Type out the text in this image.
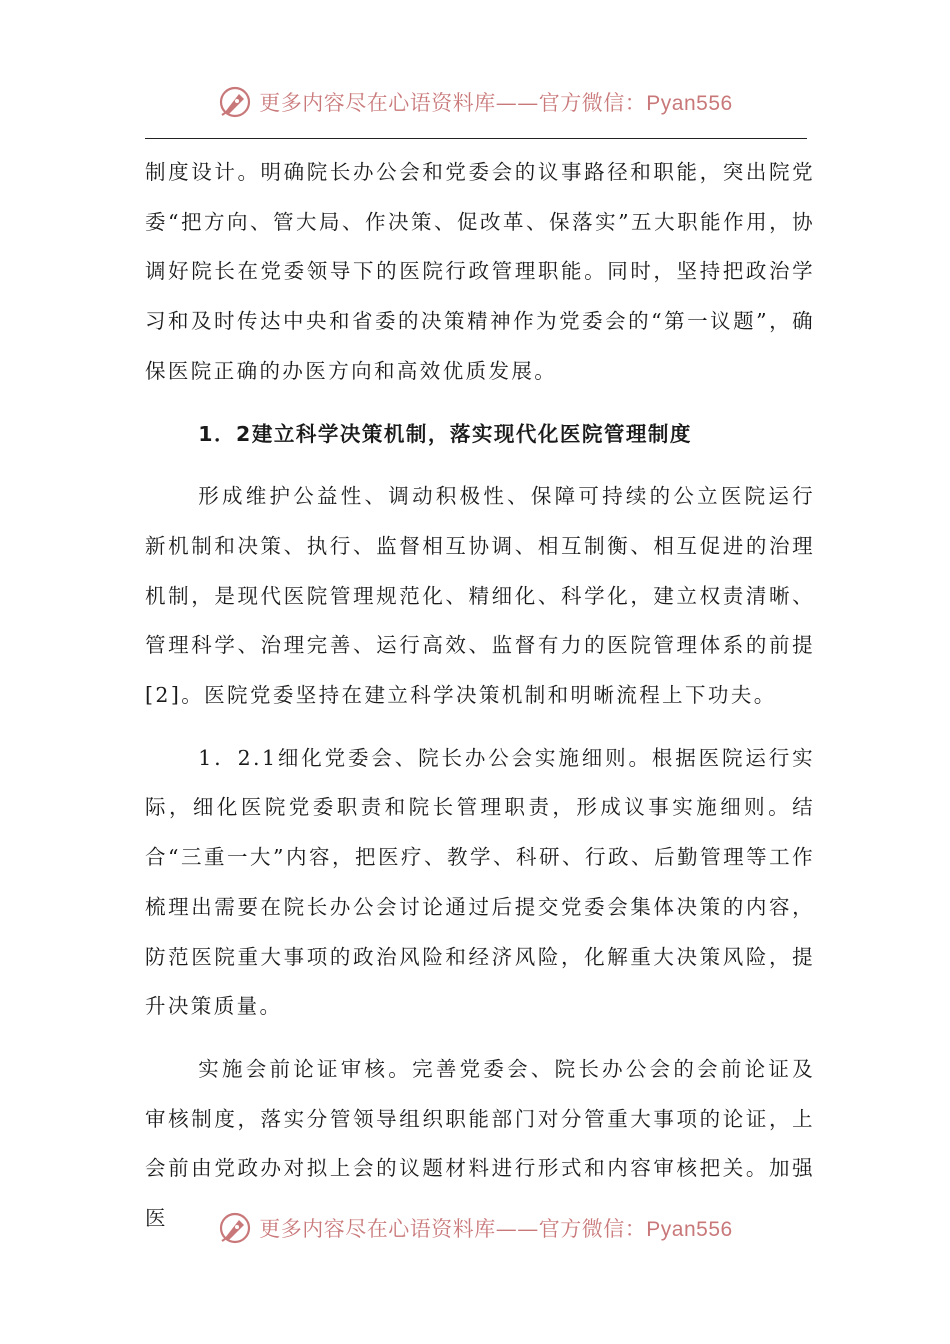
更多内容尽在心语资料库——官方微信：Pyan556

制度设计。明确院长办公会和党委会的议事路径和职能，突出院党委“把方向、管大局、作决策、促改革、保落实”五大职能作用，协调好院长在党委领导下的医院行政管理职能。同时，坚持把政治学习和及时传达中央和省委的决策精神作为党委会的“第一议题”，确保医院正确的办医方向和高效优质发展。

1．2建立科学决策机制，落实现代化医院管理制度

形成维护公益性、调动积极性、保障可持续的公立医院运行新机制和决策、执行、监督相互协调、相互制衡、相互促进的治理机制，是现代医院管理规范化、精细化、科学化，建立权责清晰、管理科学、治理完善、运行高效、监督有力的医院管理体系的前提[2]。医院党委坚持在建立科学决策机制和明晰流程上下功夫。

1．2.1细化党委会、院长办公会实施细则。根据医院运行实际，细化医院党委职责和院长管理职责，形成议事实施细则。结合“三重一大”内容，把医疗、教学、科研、行政、后勤管理等工作梳理出需要在院长办公会讨论通过后提交党委会集体决策的内容，防范医院重大事项的政治风险和经济风险，化解重大决策风险，提升决策质量。

实施会前论证审核。完善党委会、院长办公会的会前论证及审核制度，落实分管领导组织职能部门对分管重大事项的论证，上会前由党政办对拟上会的议题材料进行形式和内容审核把关。加强医	更多内容尽在心语资料库——官方微信：Pyan556
